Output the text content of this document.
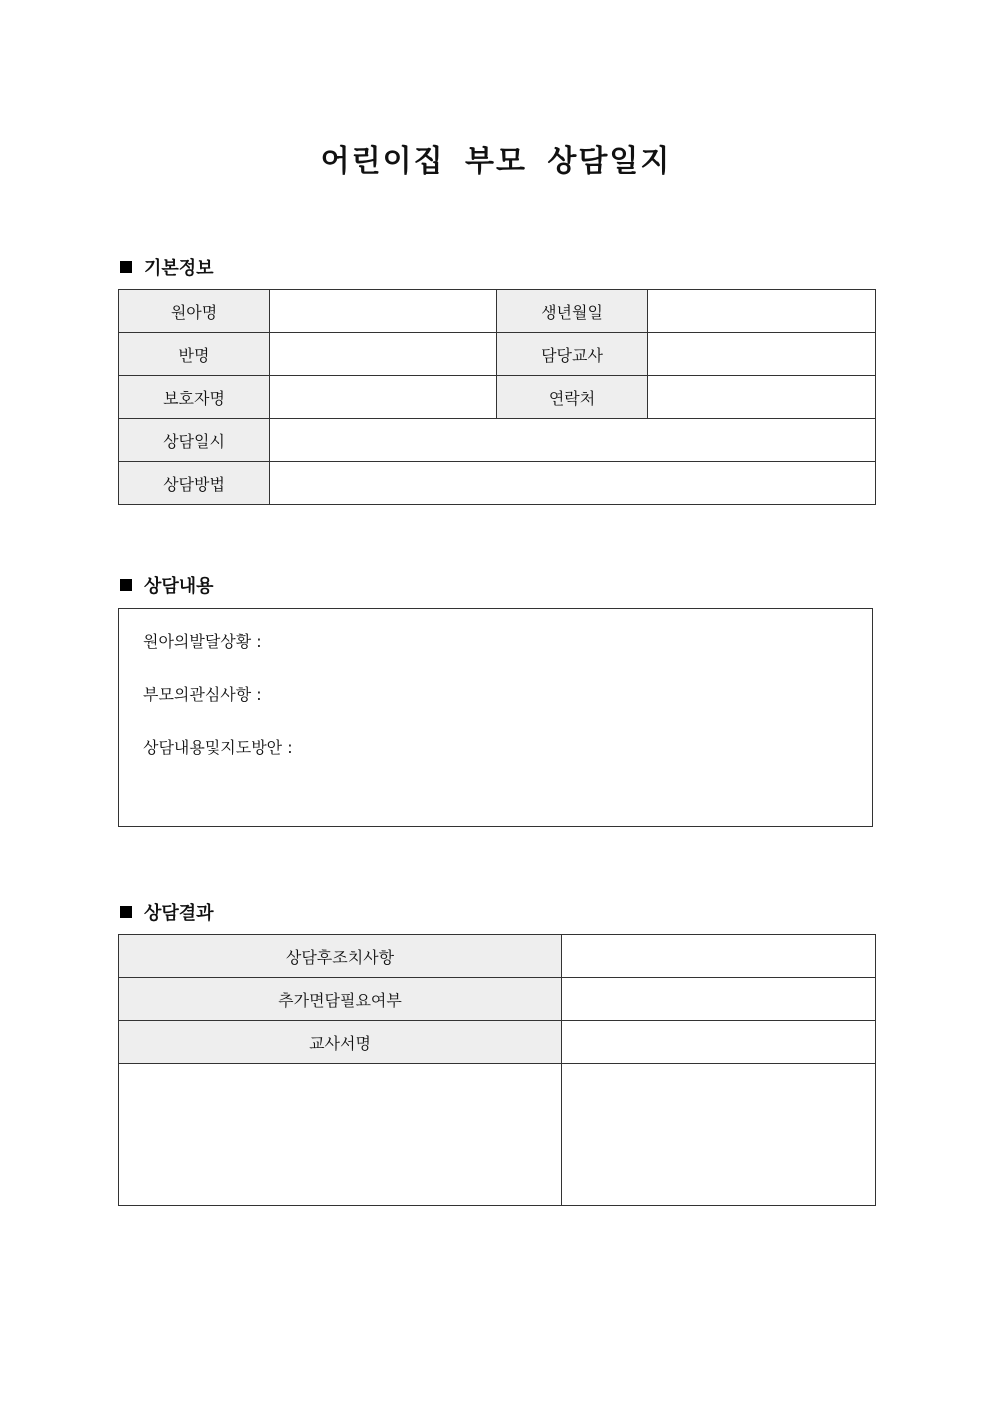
어린이집 부모 상담일지
기본정보
원아명		생년월일	
반명		담당교사	
보호자명		연락처	
상담일시			
상담방법			
상담내용
원아의발달상황 :
부모의관심사항 :
상담내용및지도방안 :
상담결과
상담후조치사항	
추가면담필요여부	
교사서명	
